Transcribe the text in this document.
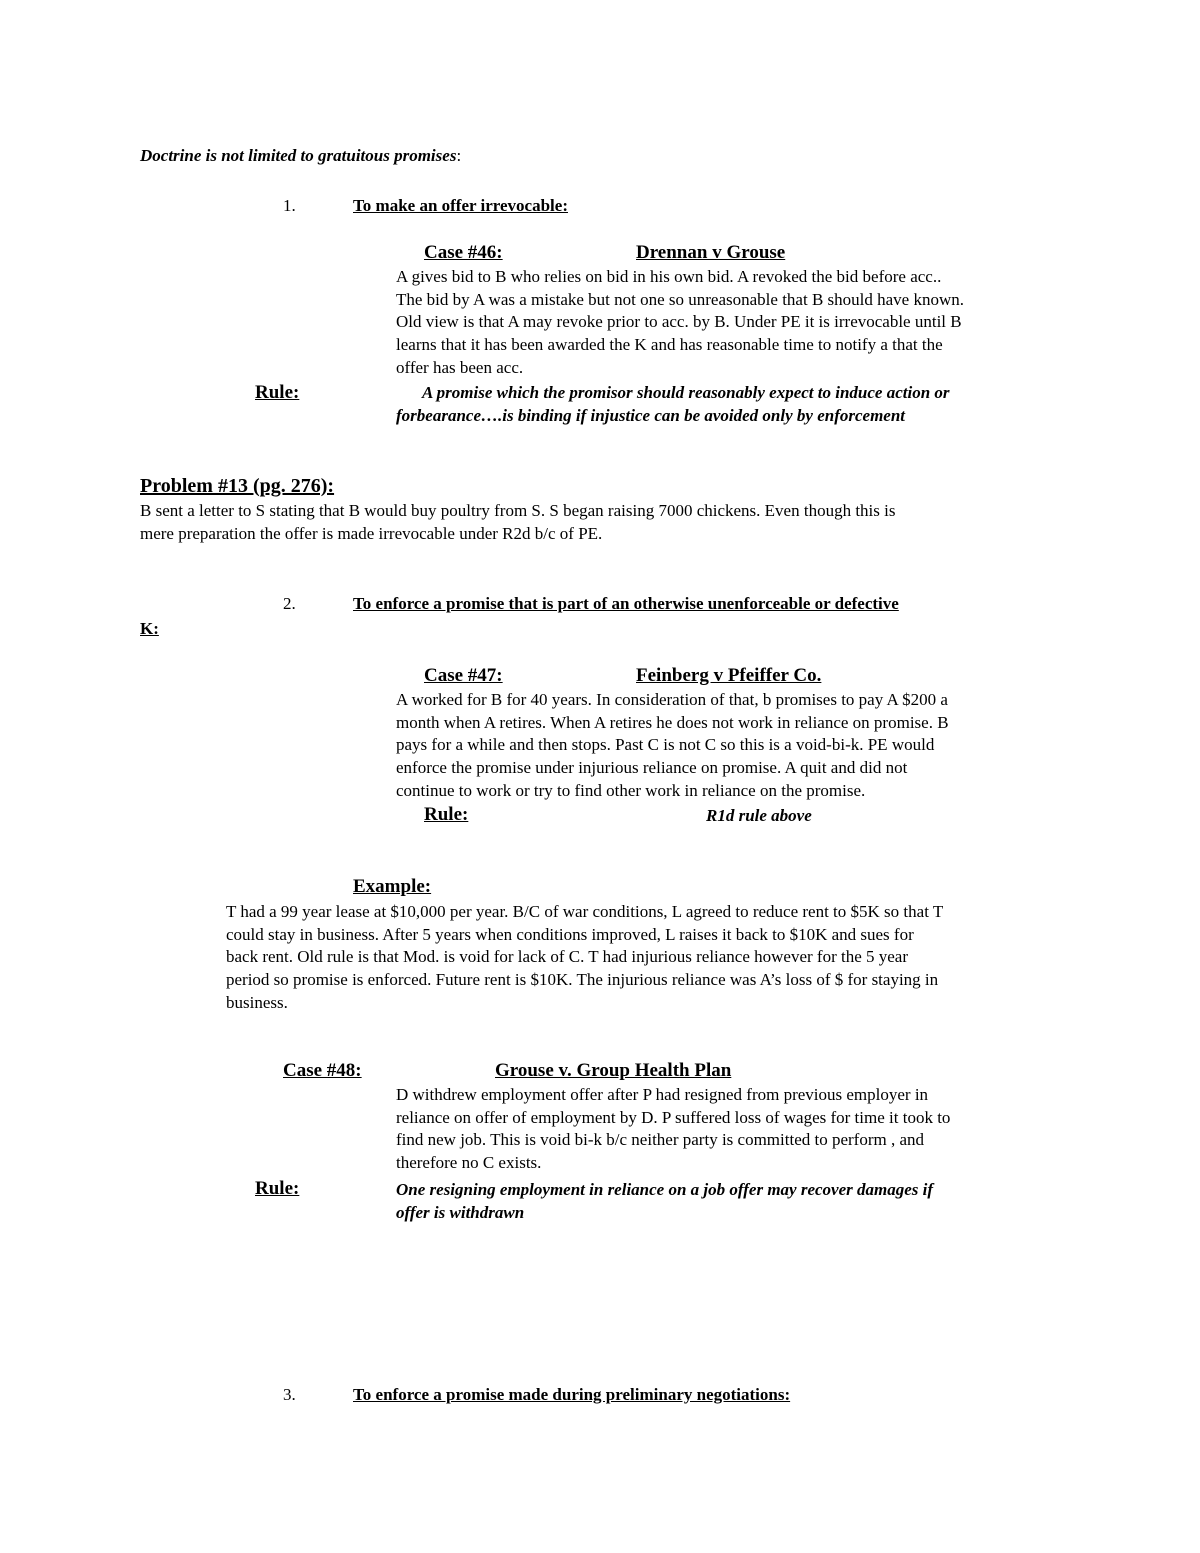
Doctrine is not limited to gratuitous promises:
1.	To make an offer irrevocable:
Case #46:	Drennan v Grouse

A gives bid to B who relies on bid in his own bid. A revoked the bid before acc..

The bid by A was a mistake but not one so unreasonable that B should have known.

Old view is that A may revoke prior to acc. by B. Under PE it is irrevocable until B

learns that it has been awarded the K and has reasonable time to notify a that the

offer has been acc.

Rule:	A promise which the promisor should reasonably expect to induce action or

forbearance….is binding if injustice can be avoided only by enforcement

Problem #13 (pg. 276):

B sent a letter to S stating that B would buy poultry from S. S began raising 7000 chickens. Even though this is

mere preparation the offer is made irrevocable under R2d b/c of PE.

2.	To enforce a promise that is part of an otherwise unenforceable or defective
K:
Case #47:	Feinberg v Pfeiffer Co.

A worked for B for 40 years. In consideration of that, b promises to pay A $200 a

month when A retires. When A retires he does not work in reliance on promise. B

pays for a while and then stops. Past C is not C so this is a void-bi-k. PE would

enforce the promise under injurious reliance on promise. A quit and did not

continue to work or try to find other work in reliance on the promise.

Rule:	R1d rule above
Example:

T had a 99 year lease at $10,000 per year. B/C of war conditions, L agreed to reduce rent to $5K so that T

could stay in business. After 5 years when conditions improved, L raises it back to $10K and sues for

back rent. Old rule is that Mod. is void for lack of C. T had injurious reliance however for the 5 year

period so promise is enforced. Future rent is $10K. The injurious reliance was A’s loss of $ for staying in

business.

Case #48:	Grouse v. Group Health Plan

D withdrew employment offer after P had resigned from previous employer in

reliance on offer of employment by D. P suffered loss of wages for time it took to

find new job. This is void bi-k b/c neither party is committed to perform , and

therefore no C exists.

Rule:	One resigning employment in reliance on a job offer may recover damages if

offer is withdrawn

3.	To enforce a promise made during preliminary negotiations:
